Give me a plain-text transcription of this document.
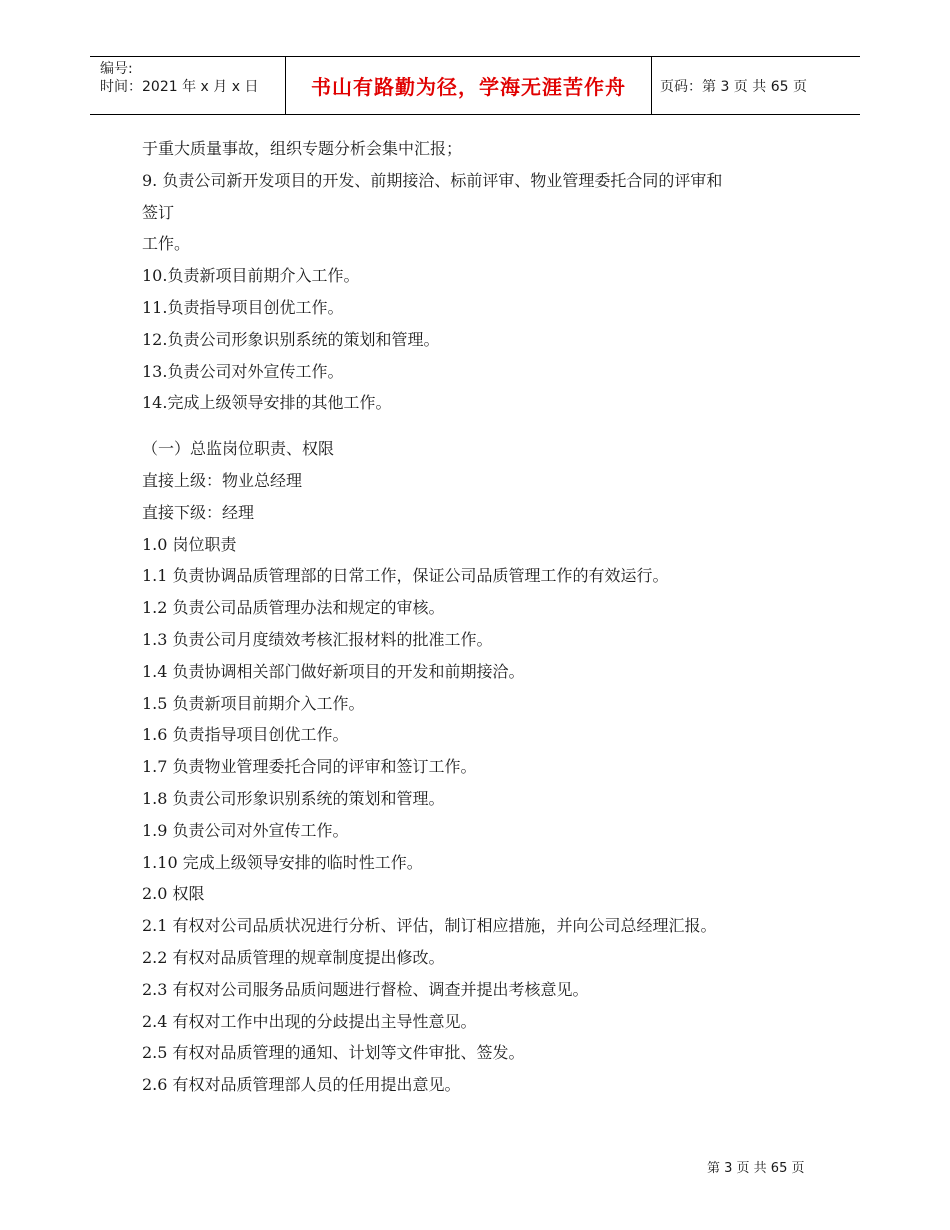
编号:
时间：2021 年 x 月 x 日	书山有路勤为径，学海无涯苦作舟	页码：第 3 页 共 65 页
于重大质量事故，组织专题分析会集中汇报；
9. 负责公司新开发项目的开发、前期接洽、标前评审、物业管理委托合同的评审和
签订
工作。
10.负责新项目前期介入工作。
11.负责指导项目创优工作。
12.负责公司形象识别系统的策划和管理。
13.负责公司对外宣传工作。
14.完成上级领导安排的其他工作。
（一）总监岗位职责、权限
直接上级：物业总经理
直接下级：经理
1.0 岗位职责
1.1 负责协调品质管理部的日常工作，保证公司品质管理工作的有效运行。
1.2 负责公司品质管理办法和规定的审核。
1.3 负责公司月度绩效考核汇报材料的批准工作。
1.4 负责协调相关部门做好新项目的开发和前期接洽。
1.5 负责新项目前期介入工作。
1.6 负责指导项目创优工作。
1.7 负责物业管理委托合同的评审和签订工作。
1.8 负责公司形象识别系统的策划和管理。
1.9 负责公司对外宣传工作。
1.10 完成上级领导安排的临时性工作。
2.0 权限
2.1 有权对公司品质状况进行分析、评估，制订相应措施，并向公司总经理汇报。
2.2 有权对品质管理的规章制度提出修改。
2.3 有权对公司服务品质问题进行督检、调查并提出考核意见。
2.4 有权对工作中出现的分歧提出主导性意见。
2.5 有权对品质管理的通知、计划等文件审批、签发。
2.6 有权对品质管理部人员的任用提出意见。
第 3 页 共 65 页
